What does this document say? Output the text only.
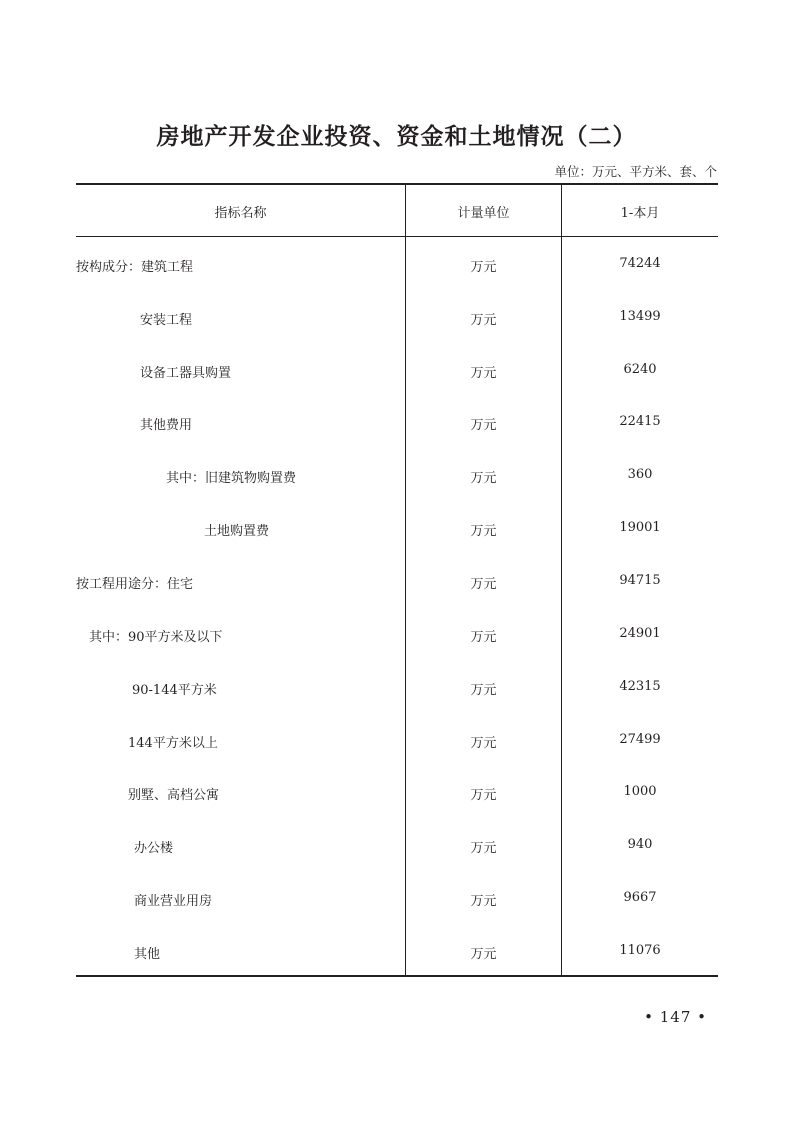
房地产开发企业投资、资金和土地情况（二）
单位：万元、平方米、套、个
指标名称	计量单位	1-本月
按构成分：建筑工程	万元	74244
安装工程	万元	13499
设备工器具购置	万元	6240
其他费用	万元	22415
其中：旧建筑物购置费	万元	360
土地购置费	万元	19001
按工程用途分：住宅	万元	94715
其中：90平方米及以下	万元	24901
90-144平方米	万元	42315
144平方米以上	万元	27499
别墅、高档公寓	万元	1000
办公楼	万元	940
商业营业用房	万元	9667
其他	万元	11076
• 147 •
